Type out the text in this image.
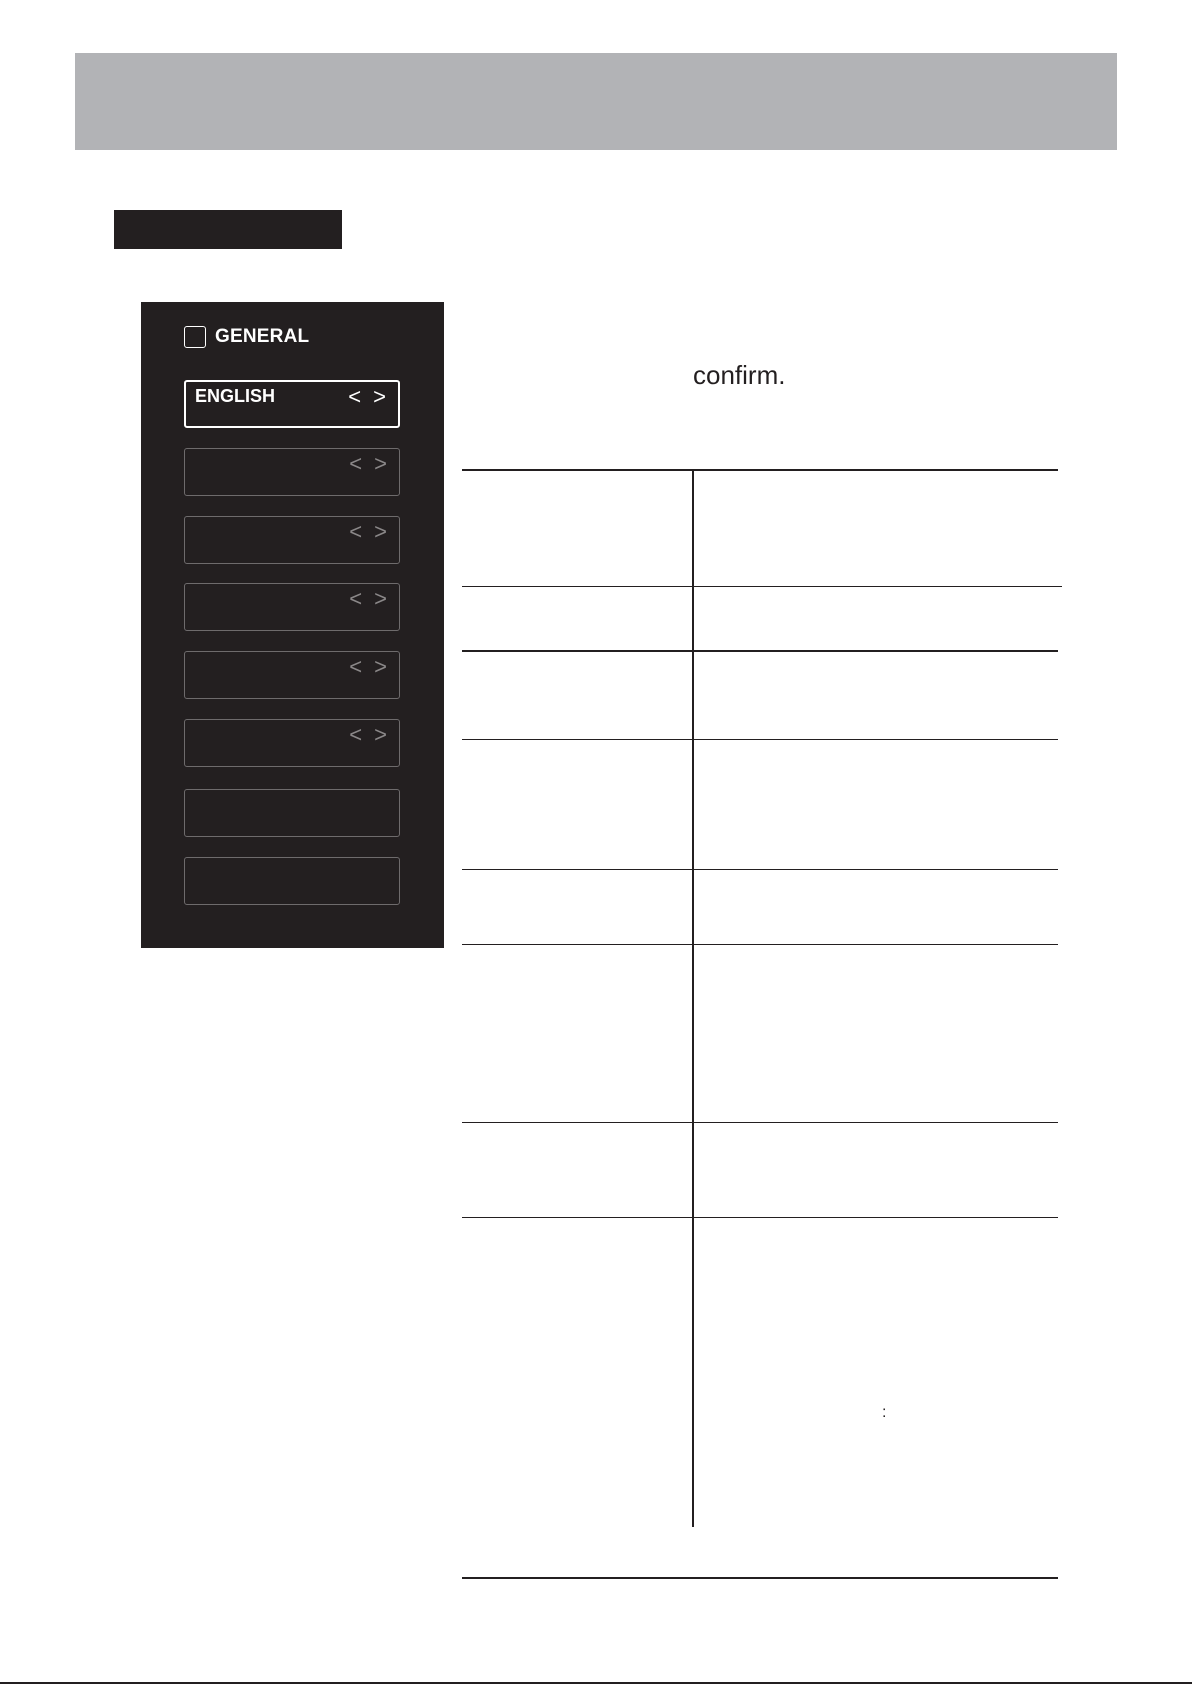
GENERAL
ENGLISH	< >
< >
< >
< >
< >
< >
confirm.
:
